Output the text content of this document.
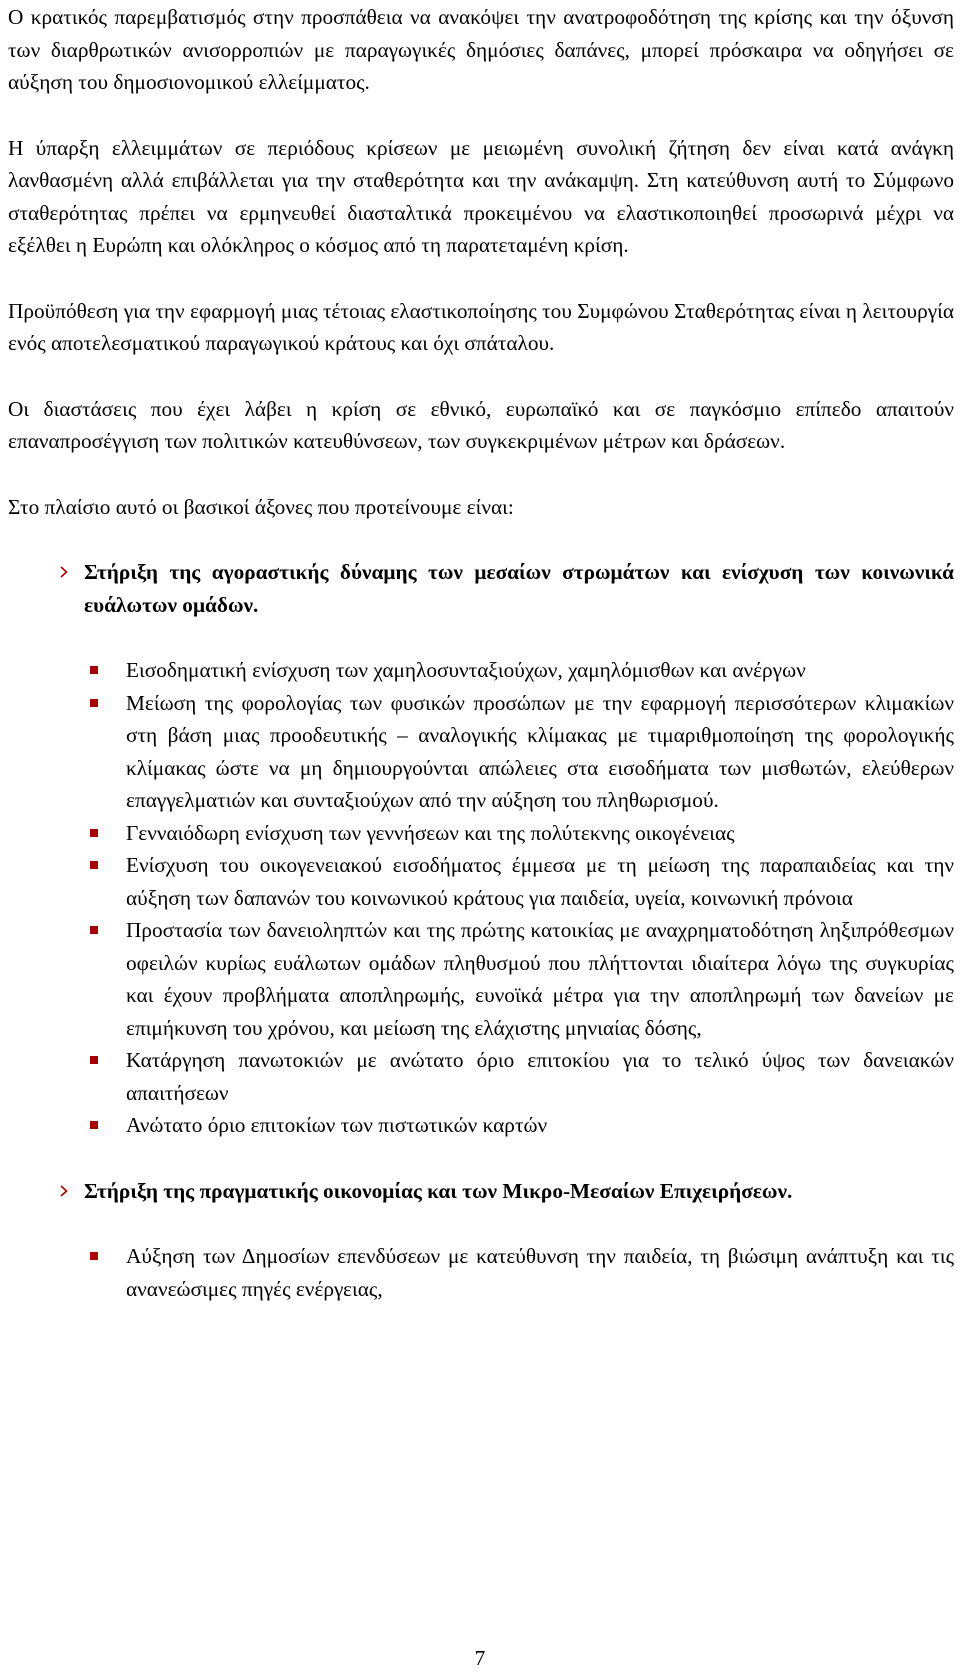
Ο κρατικός παρεμβατισμός στην προσπάθεια να ανακόψει την ανατροφοδότηση της κρίσης και την όξυνση των διαρθρωτικών ανισορροπιών με παραγωγικές δημόσιες δαπάνες, μπορεί πρόσκαιρα να οδηγήσει σε αύξηση του δημοσιονομικού ελλείμματος.

Η ύπαρξη ελλειμμάτων σε περιόδους κρίσεων με μειωμένη συνολική ζήτηση δεν είναι κατά ανάγκη λανθασμένη αλλά επιβάλλεται για την σταθερότητα και την ανάκαμψη. Στη κατεύθυνση αυτή το Σύμφωνο σταθερότητας πρέπει να ερμηνευθεί διασταλτικά προκειμένου να ελαστικοποιηθεί προσωρινά μέχρι να εξέλθει η Ευρώπη και ολόκληρος ο κόσμος από τη παρατεταμένη κρίση.

Προϋπόθεση για την εφαρμογή μιας τέτοιας ελαστικοποίησης του Συμφώνου Σταθερότητας είναι η λειτουργία ενός αποτελεσματικού παραγωγικού κράτους και όχι σπάταλου.

Οι διαστάσεις που έχει λάβει η κρίση σε εθνικό, ευρωπαϊκό και σε παγκόσμιο επίπεδο απαιτούν επαναπροσέγγιση των πολιτικών κατευθύνσεων, των συγκεκριμένων μέτρων και δράσεων.

Στο πλαίσιο αυτό οι βασικοί άξονες που προτείνουμε είναι:

Στήριξη της αγοραστικής δύναμης των μεσαίων στρωμάτων και ενίσχυση των κοινωνικά ευάλωτων ομάδων.
Εισοδηματική ενίσχυση των χαμηλοσυνταξιούχων, χαμηλόμισθων και ανέργων
Μείωση της φορολογίας των φυσικών προσώπων με την εφαρμογή περισσότερων κλιμακίων στη βάση μιας προοδευτικής – αναλογικής κλίμακας με τιμαριθμοποίηση της φορολογικής κλίμακας ώστε να μη δημιουργούνται απώλειες στα εισοδήματα των μισθωτών, ελεύθερων επαγγελματιών και συνταξιούχων από την αύξηση του πληθωρισμού.
Γενναιόδωρη ενίσχυση των γεννήσεων και της πολύτεκνης οικογένειας
Ενίσχυση του οικογενειακού εισοδήματος έμμεσα με τη μείωση της παραπαιδείας και την αύξηση των δαπανών του κοινωνικού κράτους για παιδεία, υγεία, κοινωνική πρόνοια
Προστασία των δανειοληπτών και της πρώτης κατοικίας με αναχρηματοδότηση ληξιπρόθεσμων οφειλών κυρίως ευάλωτων ομάδων πληθυσμού που πλήττονται ιδιαίτερα λόγω της συγκυρίας και έχουν προβλήματα αποπληρωμής, ευνοϊκά μέτρα για την αποπληρωμή των δανείων με επιμήκυνση του χρόνου, και μείωση της ελάχιστης μηνιαίας δόσης,
Κατάργηση πανωτοκιών με ανώτατο όριο επιτοκίου για το τελικό ύψος των δανειακών απαιτήσεων
Ανώτατο όριο επιτοκίων των πιστωτικών καρτών
Στήριξη της πραγματικής οικονομίας και των Μικρο-Μεσαίων Επιχειρήσεων.
Αύξηση των Δημοσίων επενδύσεων με κατεύθυνση την παιδεία, τη βιώσιμη ανάπτυξη και τις ανανεώσιμες πηγές ενέργειας,
7
